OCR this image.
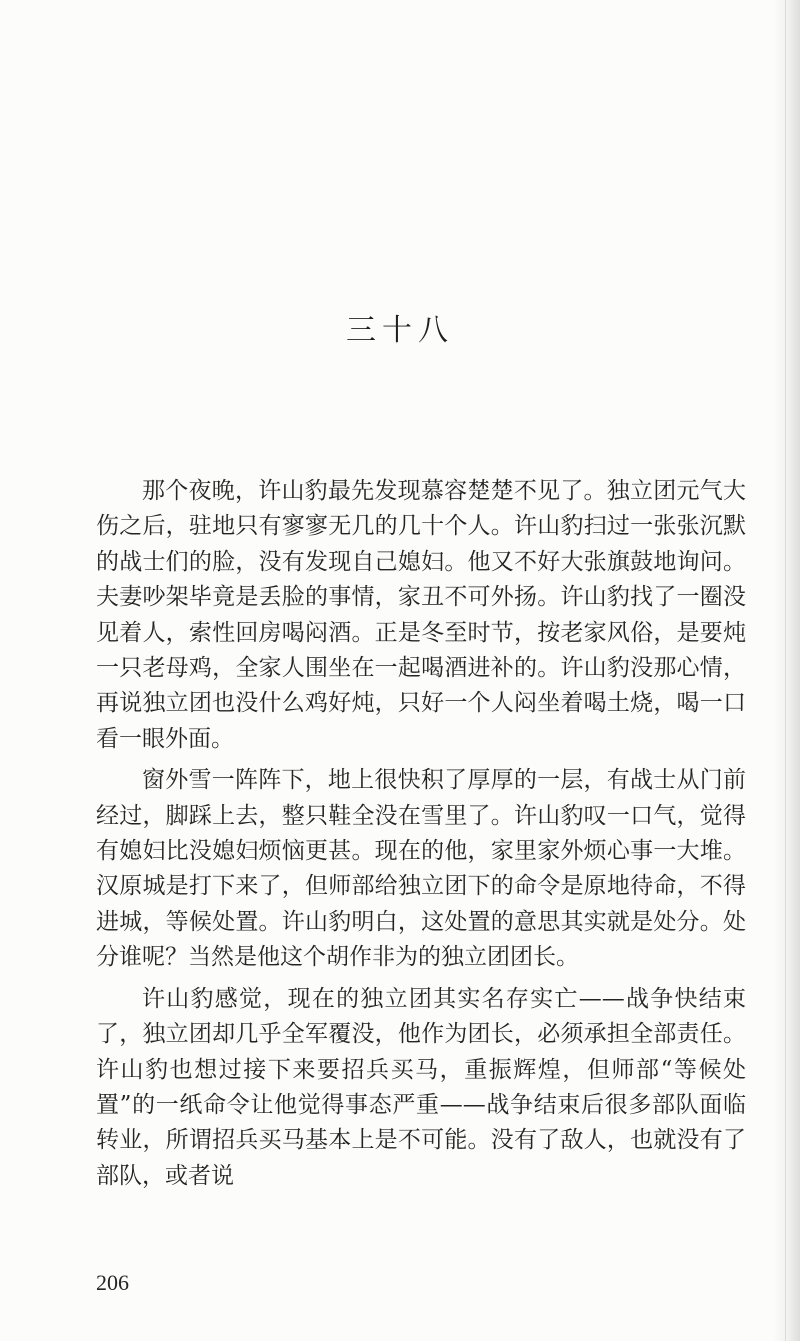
三十八

那个夜晚，许山豹最先发现慕容楚楚不见了。独立团元气大伤之后，驻地只有寥寥无几的几十个人。许山豹扫过一张张沉默的战士们的脸，没有发现自己媳妇。他又不好大张旗鼓地询问。夫妻吵架毕竟是丢脸的事情，家丑不可外扬。许山豹找了一圈没见着人，索性回房喝闷酒。正是冬至时节，按老家风俗，是要炖一只老母鸡，全家人围坐在一起喝酒进补的。许山豹没那心情，再说独立团也没什么鸡好炖，只好一个人闷坐着喝土烧，喝一口看一眼外面。

窗外雪一阵阵下，地上很快积了厚厚的一层，有战士从门前经过，脚踩上去，整只鞋全没在雪里了。许山豹叹一口气，觉得有媳妇比没媳妇烦恼更甚。现在的他，家里家外烦心事一大堆。汉原城是打下来了，但师部给独立团下的命令是原地待命，不得进城，等候处置。许山豹明白，这处置的意思其实就是处分。处分谁呢？当然是他这个胡作非为的独立团团长。

许山豹感觉，现在的独立团其实名存实亡——战争快结束了，独立团却几乎全军覆没，他作为团长，必须承担全部责任。许山豹也想过接下来要招兵买马，重振辉煌，但师部“等候处置”的一纸命令让他觉得事态严重——战争结束后很多部队面临转业，所谓招兵买马基本上是不可能。没有了敌人，也就没有了部队，或者说

206
